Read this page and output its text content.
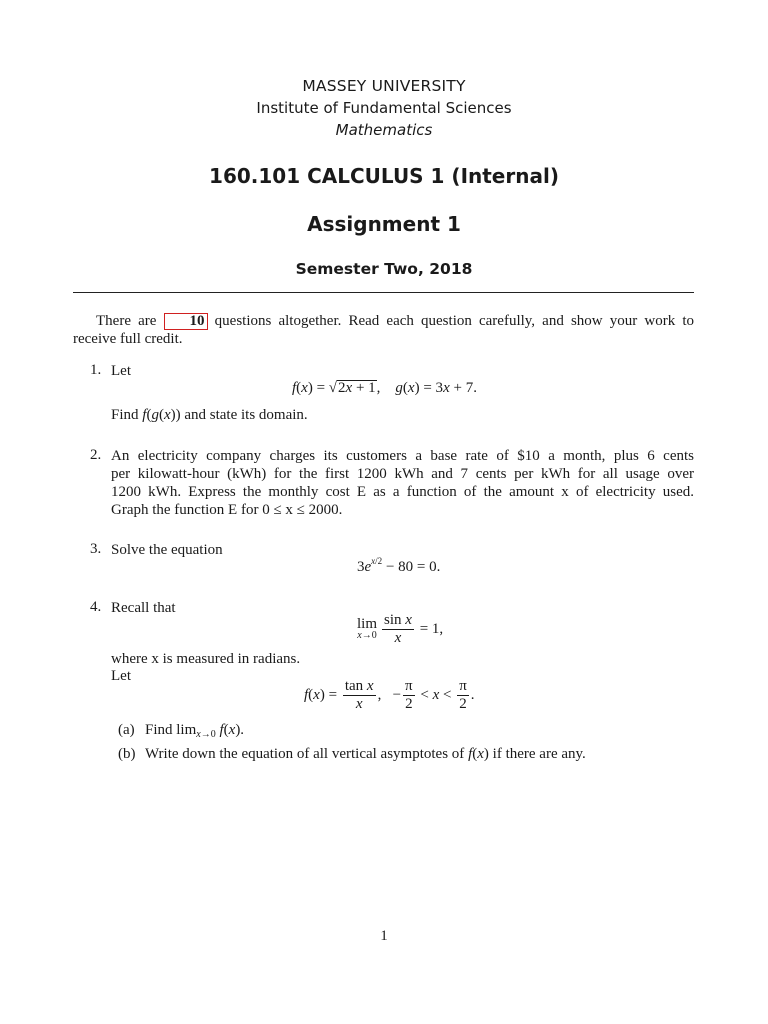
MASSEY UNIVERSITY
Institute of Fundamental Sciences
Mathematics
160.101 CALCULUS 1 (Internal)
Assignment 1
Semester Two, 2018
There are 10 questions altogether. Read each question carefully, and show your work to
receive full credit.
1. Let
f(x) = √2x + 1,    g(x) = 3x + 7.
Find f(g(x)) and state its domain.
2. An electricity company charges its customers a base rate of $10 a month, plus 6 cents
per kilowatt-hour (kWh) for the first 1200 kWh and 7 cents per kWh for all usage over
1200 kWh. Express the monthly cost E as a function of the amount x of electricity used.
Graph the function E for 0 ≤ x ≤ 2000.
3. Solve the equation
$3e^{x/2} - 80 = 0$.
4. Recall that
lim
$x\to 0 \frac{\text{sin x}}{x} = 1$,
where x is measured in radians.
Let
$f(x) = \frac{\text{tan x}}{x}$ ,   − $\frac{\pi}{2} < x < \frac{\pi}{2}$ .
(a) Find $\lim_{x\to 0} f(x)$.
(b) Write down the equation of all vertical asymptotes of f(x) if there are any.
1
